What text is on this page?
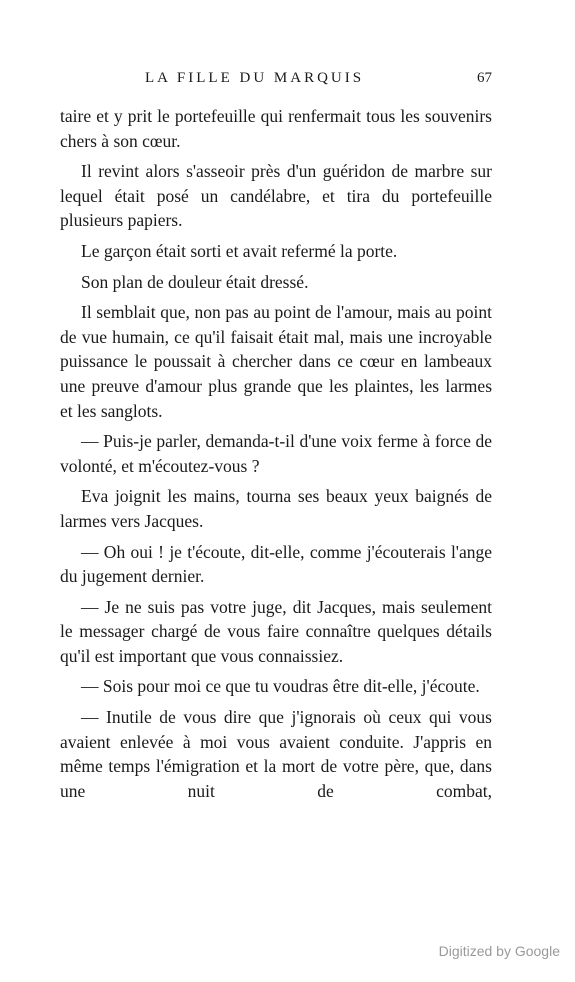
LA FILLE DU MARQUIS	67

taire et y prit le portefeuille qui renfermait tous les souvenirs chers à son cœur.

Il revint alors s'asseoir près d'un guéridon de marbre sur lequel était posé un candélabre, et tira du portefeuille plusieurs papiers.

Le garçon était sorti et avait refermé la porte.

Son plan de douleur était dressé.

Il semblait que, non pas au point de l'amour, mais au point de vue humain, ce qu'il faisait était mal, mais une incroyable puissance le poussait à chercher dans ce cœur en lambeaux une preuve d'amour plus grande que les plaintes, les larmes et les sanglots.

— Puis-je parler, demanda-t-il d'une voix ferme à force de volonté, et m'écoutez-vous ?

Eva joignit les mains, tourna ses beaux yeux baignés de larmes vers Jacques.

— Oh oui ! je t'écoute, dit-elle, comme j'écouterais l'ange du jugement dernier.

— Je ne suis pas votre juge, dit Jacques, mais seulement le messager chargé de vous faire connaître quelques détails qu'il est important que vous connaissiez.

— Sois pour moi ce que tu voudras être dit-elle, j'écoute.

— Inutile de vous dire que j'ignorais où ceux qui vous avaient enlevée à moi vous avaient conduite. J'appris en même temps l'émigration et la mort de votre père, que, dans une nuit de combat,

Digitized by Google
